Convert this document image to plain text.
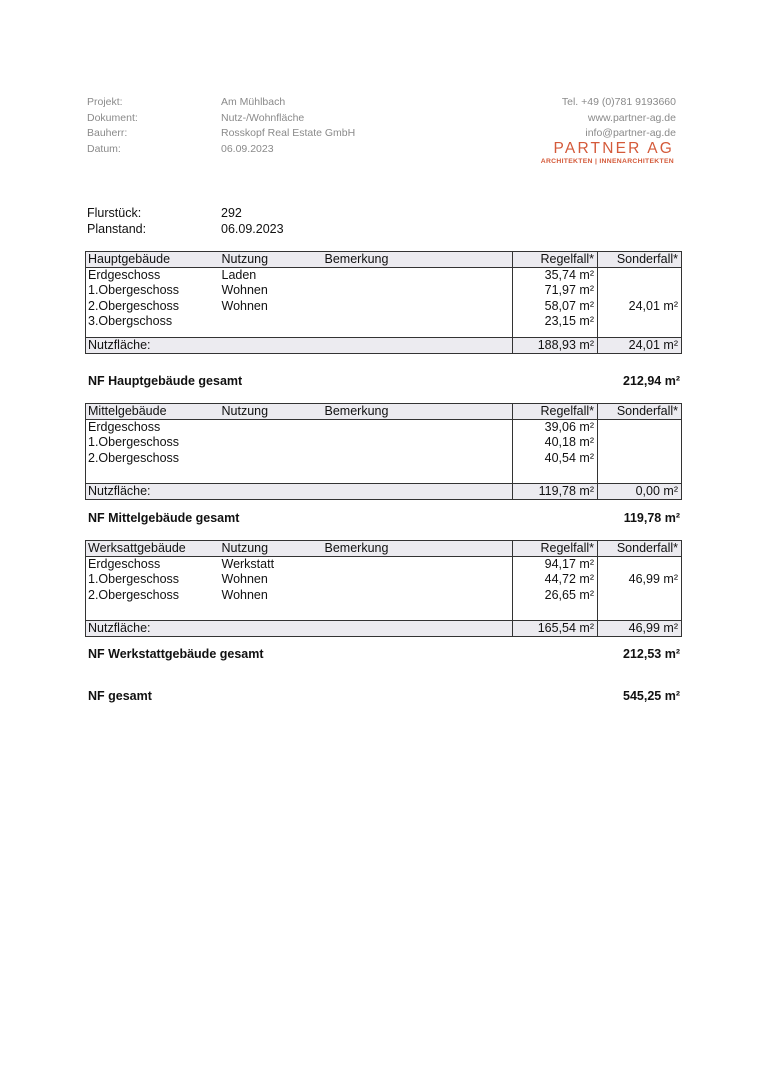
Projekt:	Am Mühlbach
Dokument:	Nutz-/Wohnfläche
Bauherr:	Rosskopf Real Estate GmbH
Datum:	06.09.2023
Tel. +49 (0)781 9193660
www.partner-ag.de
info@partner-ag.de
PARTNER AG
ARCHITEKTEN | INNENARCHITEKTEN
Flurstück:	292
Planstand:	06.09.2023
Hauptgebäude	Nutzung	Bemerkung	Regelfall*	Sonderfall*
Erdgeschoss	Laden		35,74 m²	
1.Obergeschoss	Wohnen		71,97 m²	
2.Obergeschoss	Wohnen		58,07 m²	24,01 m²
3.Obergschoss			23,15 m²	

Nutzfläche:			188,93 m²	24,01 m²
NF Hauptgebäude gesamt	212,94 m²
Mittelgebäude	Nutzung	Bemerkung	Regelfall*	Sonderfall*
Erdgeschoss			39,06 m²	
1.Obergeschoss			40,18 m²	
2.Obergeschoss			40,54 m²	

Nutzfläche:			119,78 m²	0,00 m²
NF Mittelgebäude gesamt	119,78 m²
Werksattgebäude	Nutzung	Bemerkung	Regelfall*	Sonderfall*
Erdgeschoss	Werkstatt		94,17 m²	
1.Obergeschoss	Wohnen		44,72 m²	46,99 m²
2.Obergeschoss	Wohnen		26,65 m²	

Nutzfläche:			165,54 m²	46,99 m²
NF Werkstattgebäude gesamt	212,53 m²
NF gesamt	545,25 m²
